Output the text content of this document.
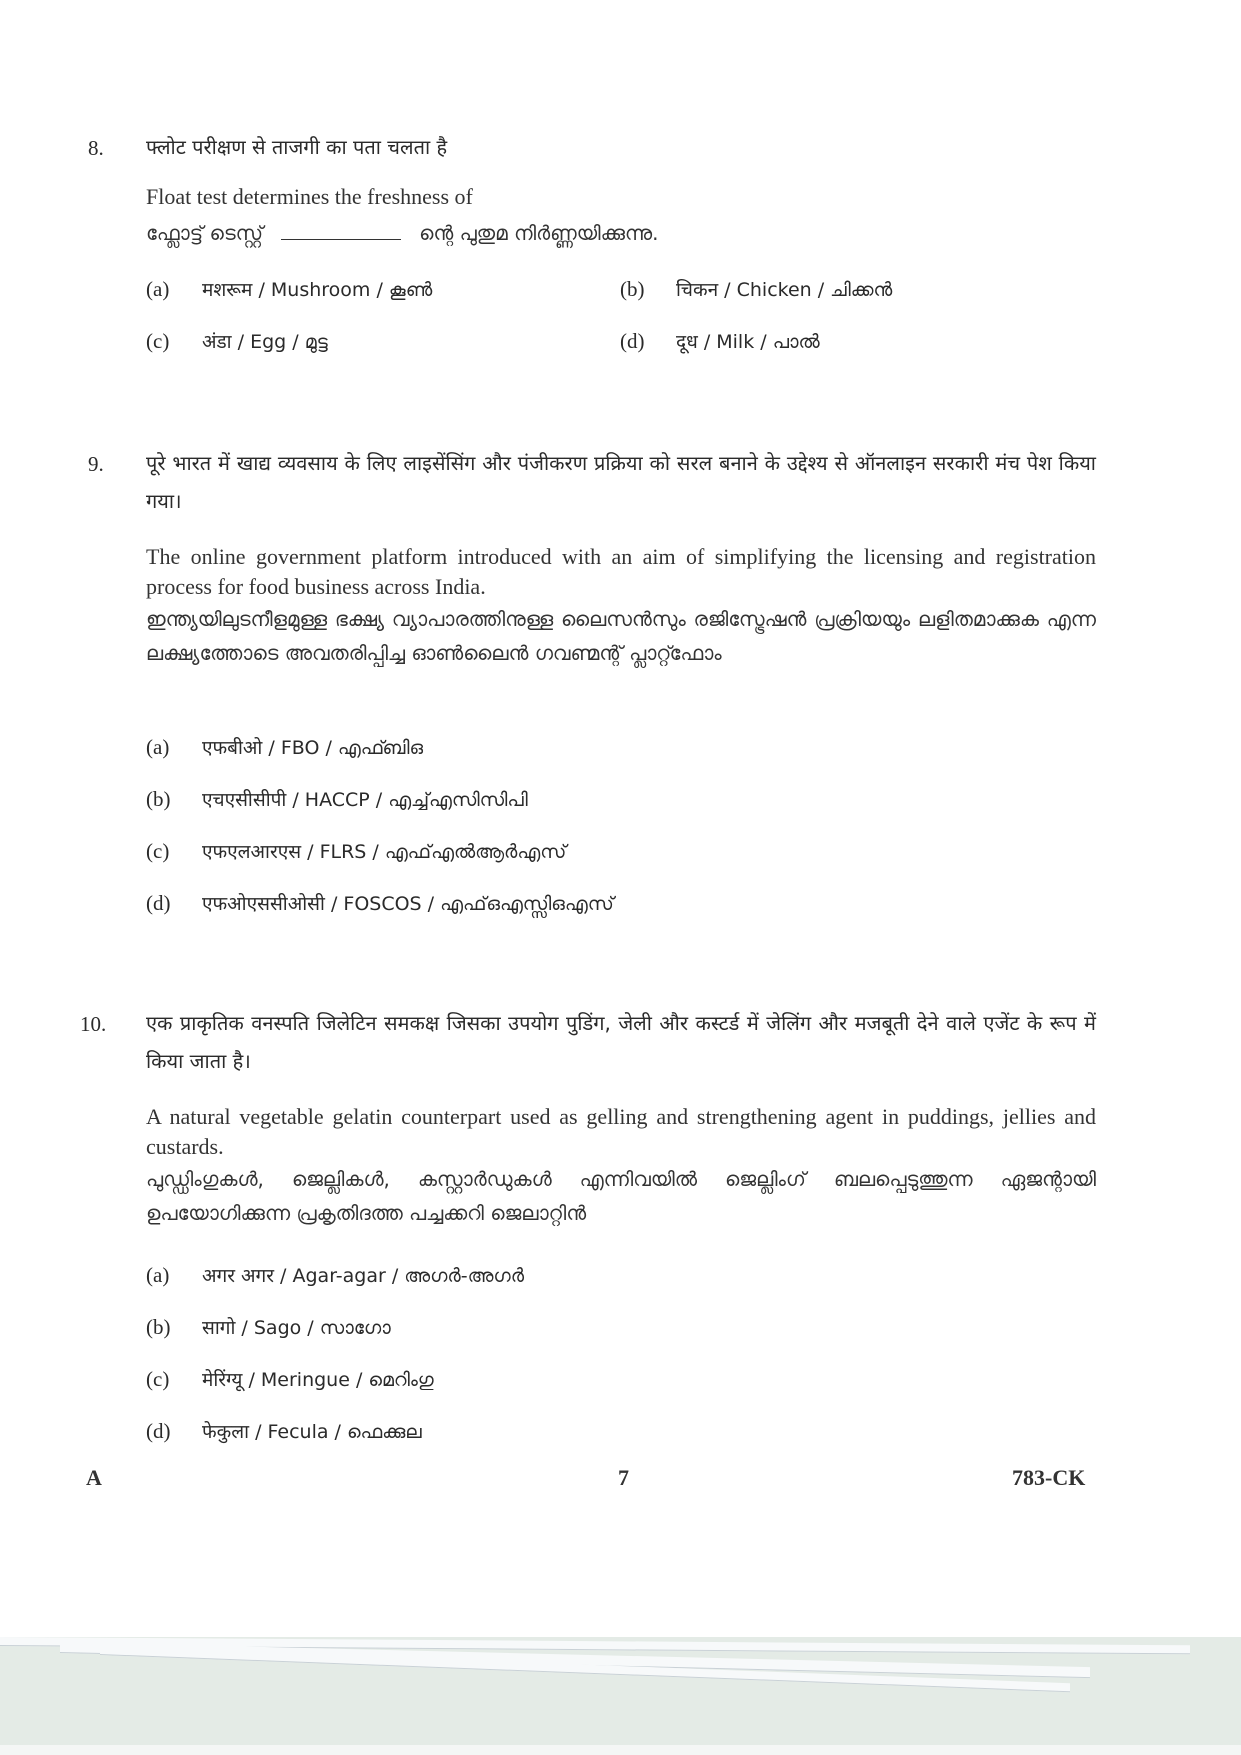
8. फ्लोट परीक्षण से ताजगी का पता चलता है
Float test determines the freshness of
ഫ്ലോട്ട് ടെസ്റ്റ്	ന്റെ പുതുമ നിർണ്ണയിക്കുന്നു.
(a) मशरूम / Mushroom / കൂൺ	(b) चिकन / Chicken / ചിക്കൻ
(c) अंडा / Egg / മുട്ട	(d) दूध / Milk / പാൽ
9. पूरे भारत में खाद्य व्यवसाय के लिए लाइसेंसिंग और पंजीकरण प्रक्रिया को सरल बनाने के उद्देश्य से ऑनलाइन सरकारी मंच पेश किया गया।
The online government platform introduced with an aim of simplifying the licensing and registration process for food business across India.
ഇന്ത്യയിലുടനീളമുള്ള ഭക്ഷ്യ വ്യാപാരത്തിനുള്ള ലൈസൻസും രജിസ്ട്രേഷൻ പ്രക്രിയയും ലളിതമാക്കുക എന്ന ലക്ഷ്യത്തോടെ അവതരിപ്പിച്ച ഓൺലൈൻ ഗവണ്മന്റ് പ്ലാറ്റ്ഫോം
(a) एफबीओ / FBO / എഫ്ബിഒ
(b) एचएसीसीपी / HACCP / എച്ച്എസിസിപി
(c) एफएलआरएस / FLRS / എഫ്എൽആർഎസ്
(d) एफओएससीओसी / FOSCOS / എഫ്ഒഎസ്സിഒഎസ്
10. एक प्राकृतिक वनस्पति जिलेटिन समकक्ष जिसका उपयोग पुडिंग, जेली और कस्टर्ड में जेलिंग और मजबूती देने वाले एजेंट के रूप में किया जाता है।
A natural vegetable gelatin counterpart used as gelling and strengthening agent in puddings, jellies and custards.
പുഡ്ഡിംഗുകൾ, ജെല്ലികൾ, കസ്റ്റാർഡുകൾ എന്നിവയിൽ ജെല്ലിംഗ് ബലപ്പെടുത്തുന്ന ഏജന്റായി ഉപയോഗിക്കുന്ന പ്രകൃതിദത്ത പച്ചക്കറി ജെലാറ്റിൻ
(a) अगर अगर / Agar-agar / അഗർ-അഗർ
(b) सागो / Sago / സാഗോ
(c) मेरिंग्यू / Meringue / മെറിംഗു
(d) फेकुला / Fecula / ഫെക്കുല
A	7	783-CK
